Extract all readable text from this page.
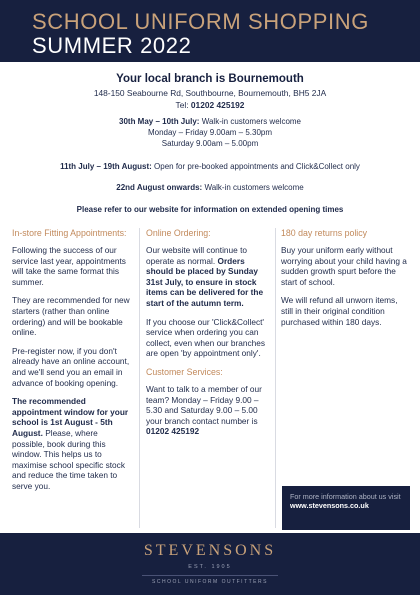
SCHOOL UNIFORM SHOPPING
SUMMER 2022
Your local branch is Bournemouth
148-150 Seabourne Rd, Southbourne, Bournemouth, BH5 2JA
Tel: 01202 425192
30th May – 10th July: Walk-in customers welcome
Monday – Friday 9.00am – 5.30pm
Saturday 9.00am – 5.00pm
11th July – 19th August: Open for pre-booked appointments and Click&Collect only
22nd August onwards: Walk-in customers welcome
Please refer to our website for information on extended opening times
In-store Fitting Appointments:

Following the success of our service last year, appointments will take the same format this summer.

They are recommended for new starters (rather than online ordering) and will be bookable online.

Pre-register now, if you don't already have an online account, and we'll send you an email in advance of booking opening.

The recommended appointment window for your school is 1st August - 5th August. Please, where possible, book during this window. This helps us to maximise school specific stock and reduce the time taken to serve you.

Online Ordering:

Our website will continue to operate as normal. Orders should be placed by Sunday 31st July, to ensure in stock items can be delivered for the start of the autumn term.

If you choose our 'Click&Collect' service when ordering you can collect, even when our branches are open 'by appointment only'.

Customer Services:

Want to talk to a member of our team? Monday – Friday 9.00 – 5.30 and Saturday 9.00 – 5.00 your branch contact number is 01202 425192

180 day returns policy

Buy your uniform early without worrying about your child having a sudden growth spurt before the start of school.

We will refund all unworn items, still in their original condition purchased within 180 days.

For more information about us visit
www.stevensons.co.uk
STEVENSONS
EST. 1905
SCHOOL UNIFORM OUTFITTERS
